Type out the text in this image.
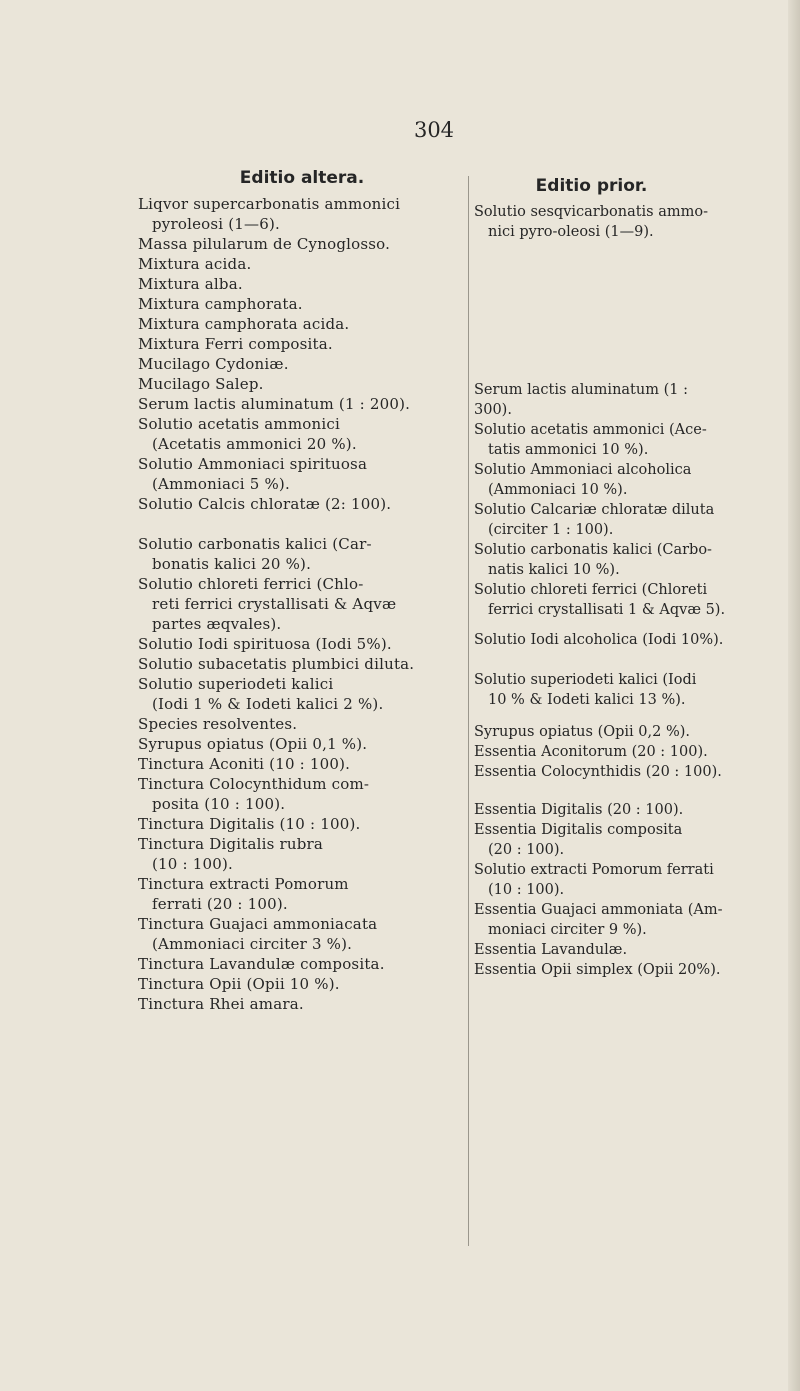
304
Editio altera.
Liqvor supercarbonatis ammonici
pyroleosi (1—6).
Massa pilularum de Cynoglosso.
Mixtura acida.
Mixtura alba.
Mixtura camphorata.
Mixtura camphorata acida.
Mixtura Ferri composita.
Mucilago Cydoniæ.
Mucilago Salep.
Serum lactis aluminatum (1 : 200).
Solutio acetatis ammonici
(Acetatis ammonici 20 %).
Solutio Ammoniaci spirituosa
(Ammoniaci 5 %).
Solutio Calcis chloratæ (2: 100).
Solutio carbonatis kalici (Car-
bonatis kalici 20 %).
Solutio chloreti ferrici (Chlo-
reti ferrici crystallisati & Aqvæ
partes æqvales).
Solutio Iodi spirituosa (Iodi 5%).
Solutio subacetatis plumbici diluta.
Solutio superiodeti kalici
(Iodi 1 % & Iodeti kalici 2 %).
Species resolventes.
Syrupus opiatus (Opii 0,1 %).
Tinctura Aconiti (10 : 100).
Tinctura Colocynthidum com-
posita (10 : 100).
Tinctura Digitalis (10 : 100).
Tinctura Digitalis rubra
(10 : 100).
Tinctura extracti Pomorum
ferrati (20 : 100).
Tinctura Guajaci ammoniacata
(Ammoniaci circiter 3 %).
Tinctura Lavandulæ composita.
Tinctura Opii (Opii 10 %).
Tinctura Rhei amara.
Editio prior.
Solutio sesqvicarbonatis ammo-
nici pyro-oleosi (1—9).
Serum lactis aluminatum (1 : 300).
Solutio acetatis ammonici (Ace-
tatis ammonici 10 %).
Solutio Ammoniaci alcoholica
(Ammoniaci 10 %).
Solutio Calcariæ chloratæ diluta
(circiter 1 : 100).
Solutio carbonatis kalici (Carbo-
natis kalici 10 %).
Solutio chloreti ferrici (Chloreti
ferrici crystallisati 1 & Aqvæ 5).
Solutio Iodi alcoholica (Iodi 10%).
Solutio superiodeti kalici (Iodi
10 % & Iodeti kalici 13 %).
Syrupus opiatus (Opii 0,2 %).
Essentia Aconitorum (20 : 100).
Essentia Colocynthidis (20 : 100).
Essentia Digitalis (20 : 100).
Essentia Digitalis composita
(20 : 100).
Solutio extracti Pomorum ferrati
(10 : 100).
Essentia Guajaci ammoniata (Am-
moniaci circiter 9 %).
Essentia Lavandulæ.
Essentia Opii simplex (Opii 20%).
